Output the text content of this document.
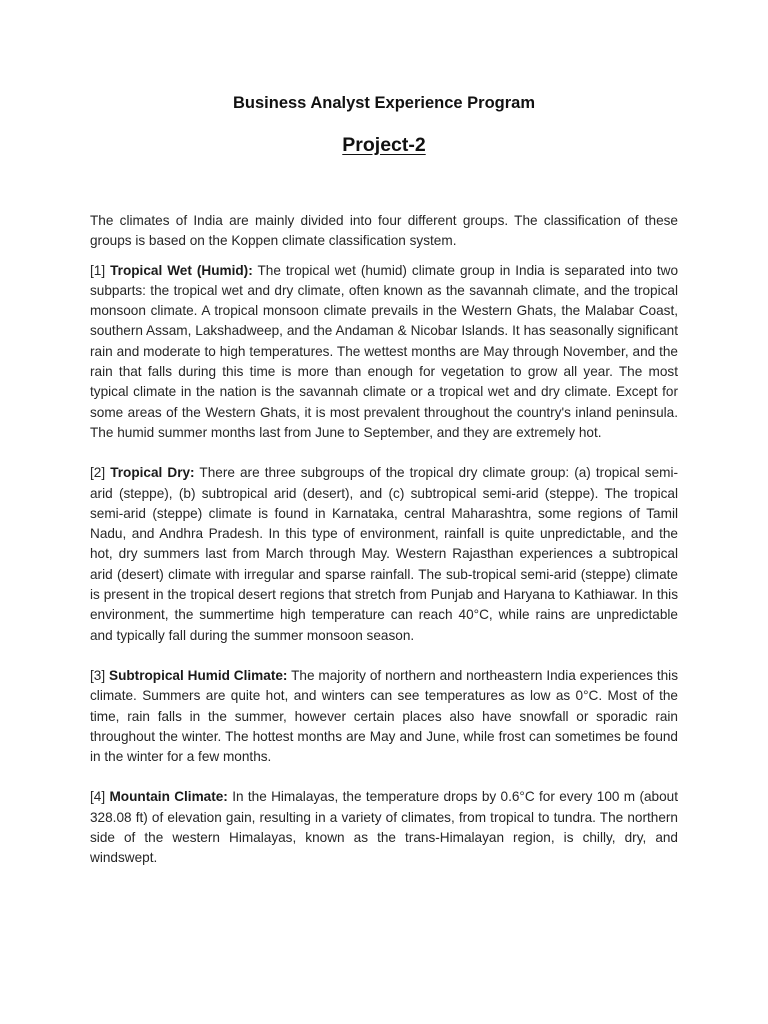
Business Analyst Experience Program
Project-2

The climates of India are mainly divided into four different groups. The classification of these groups is based on the Koppen climate classification system.

[1] Tropical Wet (Humid): The tropical wet (humid) climate group in India is separated into two subparts: the tropical wet and dry climate, often known as the savannah climate, and the tropical monsoon climate. A tropical monsoon climate prevails in the Western Ghats, the Malabar Coast, southern Assam, Lakshadweep, and the Andaman & Nicobar Islands. It has seasonally significant rain and moderate to high temperatures. The wettest months are May through November, and the rain that falls during this time is more than enough for vegetation to grow all year. The most typical climate in the nation is the savannah climate or a tropical wet and dry climate. Except for some areas of the Western Ghats, it is most prevalent throughout the country's inland peninsula. The humid summer months last from June to September, and they are extremely hot.

[2] Tropical Dry: There are three subgroups of the tropical dry climate group: (a) tropical semi-arid (steppe), (b) subtropical arid (desert), and (c) subtropical semi-arid (steppe). The tropical semi-arid (steppe) climate is found in Karnataka, central Maharashtra, some regions of Tamil Nadu, and Andhra Pradesh. In this type of environment, rainfall is quite unpredictable, and the hot, dry summers last from March through May. Western Rajasthan experiences a subtropical arid (desert) climate with irregular and sparse rainfall. The sub-tropical semi-arid (steppe) climate is present in the tropical desert regions that stretch from Punjab and Haryana to Kathiawar. In this environment, the summertime high temperature can reach 40°C, while rains are unpredictable and typically fall during the summer monsoon season.

[3] Subtropical Humid Climate: The majority of northern and northeastern India experiences this climate. Summers are quite hot, and winters can see temperatures as low as 0°C. Most of the time, rain falls in the summer, however certain places also have snowfall or sporadic rain throughout the winter. The hottest months are May and June, while frost can sometimes be found in the winter for a few months.

[4] Mountain Climate: In the Himalayas, the temperature drops by 0.6°C for every 100 m (about 328.08 ft) of elevation gain, resulting in a variety of climates, from tropical to tundra. The northern side of the western Himalayas, known as the trans-Himalayan region, is chilly, dry, and windswept.
